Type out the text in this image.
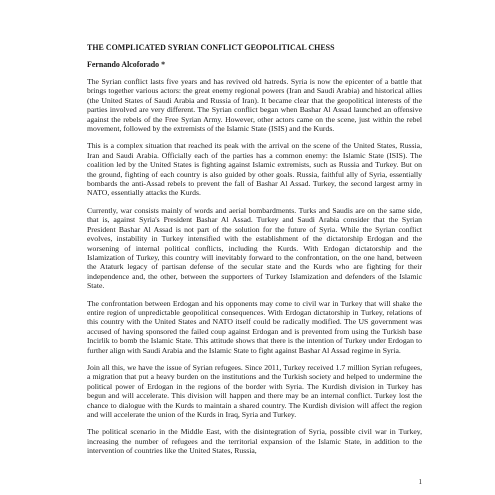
THE COMPLICATED SYRIAN CONFLICT GEOPOLITICAL CHESS
Fernando Alcoforado *

The Syrian conflict lasts five years and has revived old hatreds. Syria is now the epicenter of a battle that brings together various actors: the great enemy regional powers (Iran and Saudi Arabia) and historical allies (the United States of Saudi Arabia and Russia of Iran). It became clear that the geopolitical interests of the parties involved are very different. The Syrian conflict began when Bashar Al Assad launched an offensive against the rebels of the Free Syrian Army. However, other actors came on the scene, just within the rebel movement, followed by the extremists of the Islamic State (ISIS) and the Kurds.

This is a complex situation that reached its peak with the arrival on the scene of the United States, Russia, Iran and Saudi Arabia. Officially each of the parties has a common enemy: the Islamic State (ISIS). The coalition led by the United States is fighting against Islamic extremists, such as Russia and Turkey. But on the ground, fighting of each country is also guided by other goals. Russia, faithful ally of Syria, essentially bombards the anti-Assad rebels to prevent the fall of Bashar Al Assad. Turkey, the second largest army in NATO, essentially attacks the Kurds.

Currently, war consists mainly of words and aerial bombardments. Turks and Saudis are on the same side, that is, against Syria's President Bashar Al Assad. Turkey and Saudi Arabia consider that the Syrian President Bashar Al Assad is not part of the solution for the future of Syria. While the Syrian conflict evolves, instability in Turkey intensified with the establishment of the dictatorship Erdogan and the worsening of internal political conflicts, including the Kurds. With Erdogan dictatorship and the Islamization of Turkey, this country will inevitably forward to the confrontation, on the one hand, between the Ataturk legacy of partisan defense of the secular state and the Kurds who are fighting for their independence and, the other, between the supporters of Turkey Islamization and defenders of the Islamic State.

The confrontation between Erdogan and his opponents may come to civil war in Turkey that will shake the entire region of unpredictable geopolitical consequences. With Erdogan dictatorship in Turkey, relations of this country with the United States and NATO itself could be radically modified. The US government was accused of having sponsored the failed coup against Erdogan and is prevented from using the Turkish base Incirlik to bomb the Islamic State. This attitude shows that there is the intention of Turkey under Erdogan to further align with Saudi Arabia and the Islamic State to fight against Bashar Al Assad regime in Syria.

Join all this, we have the issue of Syrian refugees. Since 2011, Turkey received 1.7 million Syrian refugees, a migration that put a heavy burden on the institutions and the Turkish society and helped to undermine the political power of Erdogan in the regions of the border with Syria. The Kurdish division in Turkey has begun and will accelerate. This division will happen and there may be an internal conflict. Turkey lost the chance to dialogue with the Kurds to maintain a shared country. The Kurdish division will affect the region and will accelerate the union of the Kurds in Iraq, Syria and Turkey.

The political scenario in the Middle East, with the disintegration of Syria, possible civil war in Turkey, increasing the number of refugees and the territorial expansion of the Islamic State, in addition to the intervention of countries like the United States, Russia,

1
